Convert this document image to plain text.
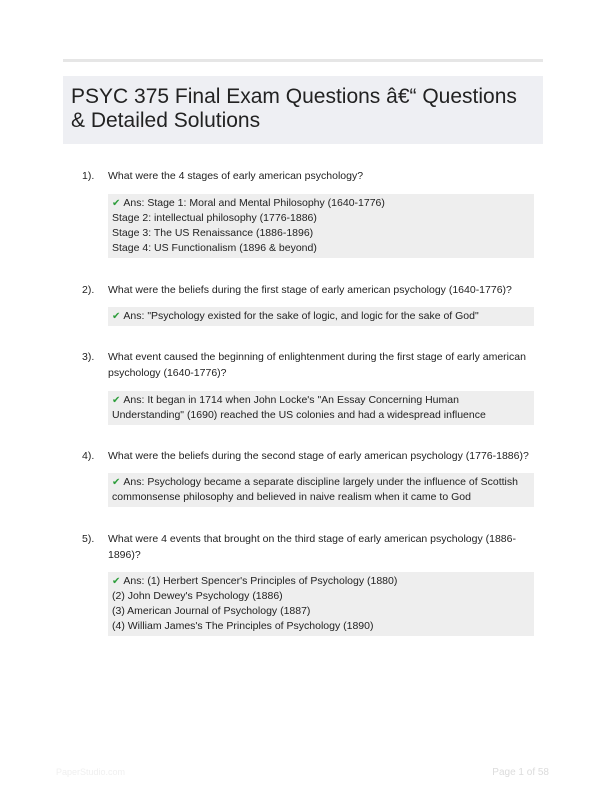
PSYC 375 Final Exam Questions â€“ Questions & Detailed Solutions
1). What were the 4 stages of early american psychology?
✔ Ans: Stage 1: Moral and Mental Philosophy (1640-1776)
Stage 2: intellectual philosophy (1776-1886)
Stage 3: The US Renaissance (1886-1896)
Stage 4: US Functionalism (1896 & beyond)
2). What were the beliefs during the first stage of early american psychology (1640-1776)?
✔ Ans: "Psychology existed for the sake of logic, and logic for the sake of God"
3). What event caused the beginning of enlightenment during the first stage of early american psychology (1640-1776)?
✔ Ans: It began in 1714 when John Locke's "An Essay Concerning Human Understanding" (1690) reached the US colonies and had a widespread influence
4). What were the beliefs during the second stage of early american psychology (1776-1886)?
✔ Ans: Psychology became a separate discipline largely under the influence of Scottish commonsense philosophy and believed in naive realism when it came to God
5). What were 4 events that brought on the third stage of early american psychology (1886-1896)?
✔ Ans: (1) Herbert Spencer's Principles of Psychology (1880)
(2) John Dewey's Psychology (1886)
(3) American Journal of Psychology (1887)
(4) William James's The Principles of Psychology (1890)
PaperStudio.com	Page 1 of 58
